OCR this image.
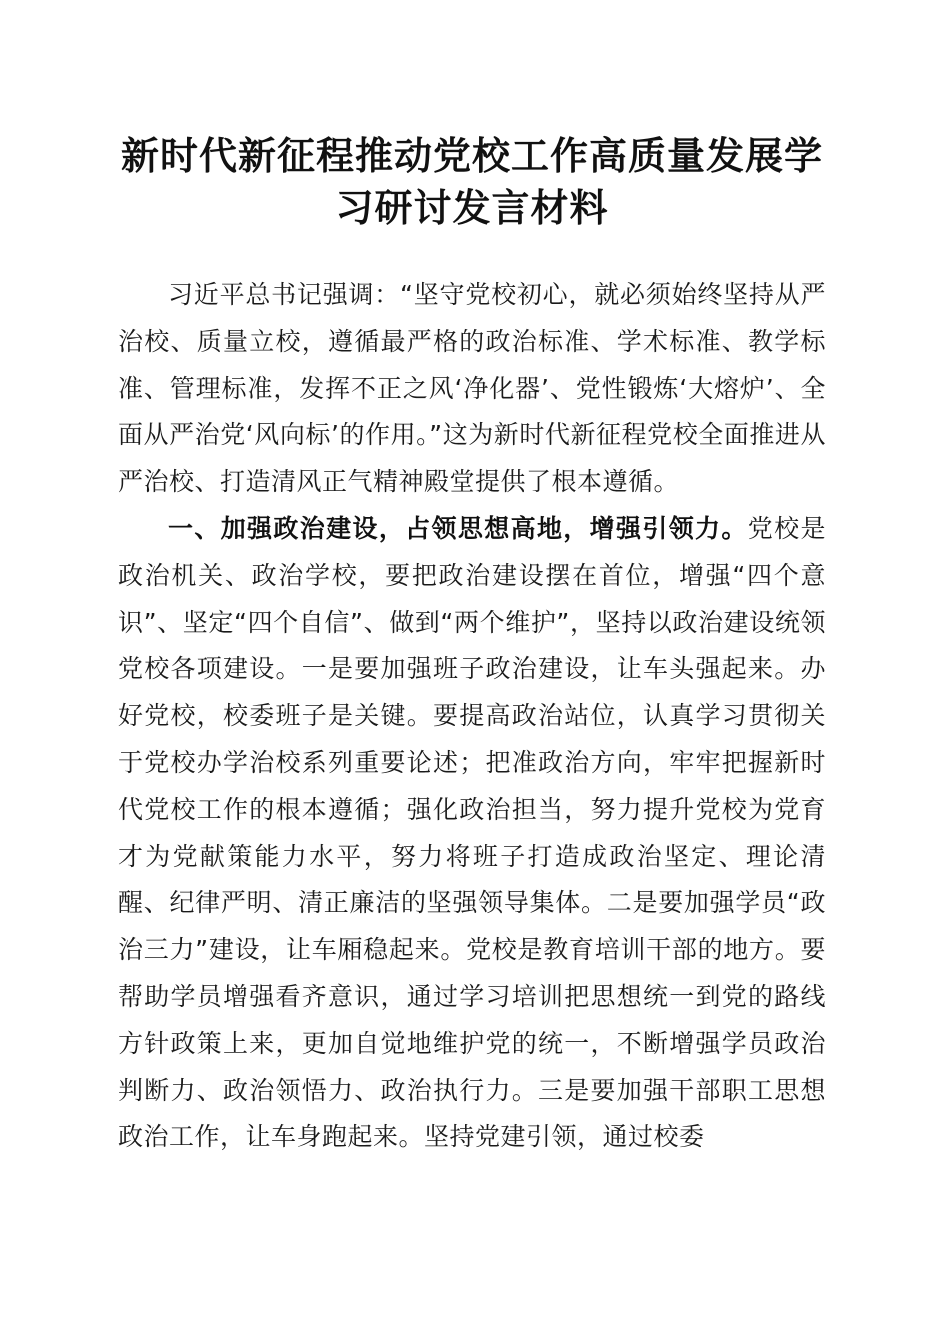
新时代新征程推动党校工作高质量发展学习研讨发言材料

习近平总书记强调：“坚守党校初心，就必须始终坚持从严治校、质量立校，遵循最严格的政治标准、学术标准、教学标准、管理标准，发挥不正之风‘净化器’、党性锻炼‘大熔炉’、全面从严治党‘风向标’的作用。”这为新时代新征程党校全面推进从严治校、打造清风正气精神殿堂提供了根本遵循。

一、加强政治建设，占领思想高地，增强引领力。党校是政治机关、政治学校，要把政治建设摆在首位，增强“四个意识”、坚定“四个自信”、做到“两个维护”，坚持以政治建设统领党校各项建设。一是要加强班子政治建设，让车头强起来。办好党校，校委班子是关键。要提高政治站位，认真学习贯彻关于党校办学治校系列重要论述；把准政治方向，牢牢把握新时代党校工作的根本遵循；强化政治担当，努力提升党校为党育才为党献策能力水平，努力将班子打造成政治坚定、理论清醒、纪律严明、清正廉洁的坚强领导集体。二是要加强学员“政治三力”建设，让车厢稳起来。党校是教育培训干部的地方。要帮助学员增强看齐意识，通过学习培训把思想统一到党的路线方针政策上来，更加自觉地维护党的统一，不断增强学员政治判断力、政治领悟力、政治执行力。三是要加强干部职工思想政治工作，让车身跑起来。坚持党建引领，通过校委
